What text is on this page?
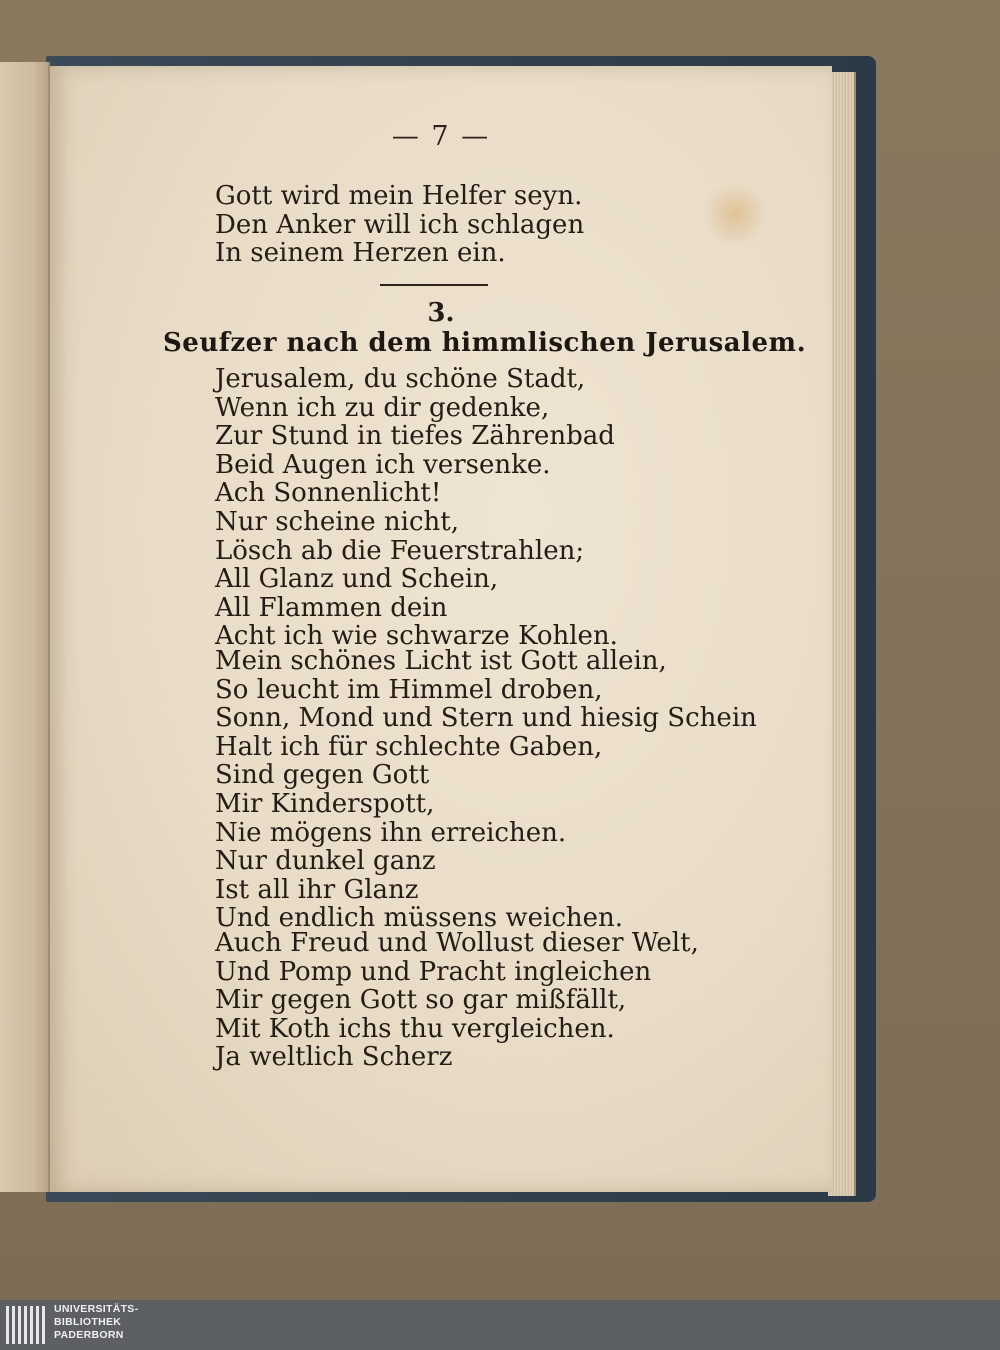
— 7 —
Gott wird mein Helfer seyn.
Den Anker will ich schlagen
In seinem Herzen ein.
3.
Seufzer nach dem himmlischen Jerusalem.
Jerusalem, du schöne Stadt,
Wenn ich zu dir gedenke,
Zur Stund in tiefes Zährenbad
Beid Augen ich versenke.
Ach Sonnenlicht!
Nur scheine nicht,
Lösch ab die Feuerstrahlen;
All Glanz und Schein,
All Flammen dein
Acht ich wie schwarze Kohlen.
Mein schönes Licht ist Gott allein,
So leucht im Himmel droben,
Sonn, Mond und Stern und hiesig Schein
Halt ich für schlechte Gaben,
Sind gegen Gott
Mir Kinderspott,
Nie mögens ihn erreichen.
Nur dunkel ganz
Ist all ihr Glanz
Und endlich müssens weichen.
Auch Freud und Wollust dieser Welt,
Und Pomp und Pracht ingleichen
Mir gegen Gott so gar mißfällt,
Mit Koth ichs thu vergleichen.
Ja weltlich Scherz
UNIVERSITÄTS-
BIBLIOTHEK
PADERBORN
